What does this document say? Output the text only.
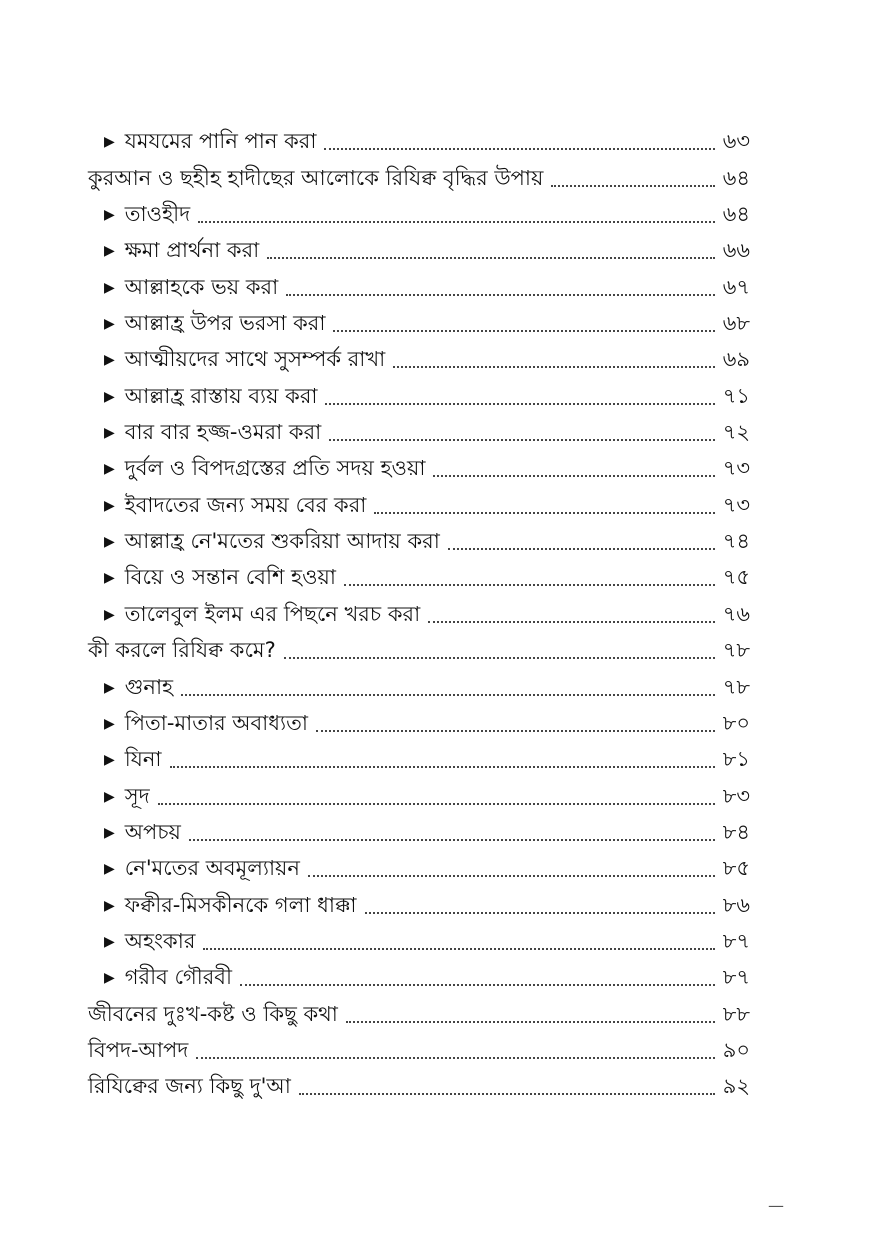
▶ যমযমের পানি পান করা	৬৩
কুরআন ও ছহীহ হাদীছের আলোকে রিযিক্ব বৃদ্ধির উপায়	৬৪
▶ তাওহীদ	৬৪
▶ ক্ষমা প্রার্থনা করা	৬৬
▶ আল্লাহকে ভয় করা	৬৭
▶ আল্লাহ্র উপর ভরসা করা	৬৮
▶ আত্মীয়দের সাথে সুসম্পর্ক রাখা	৬৯
▶ আল্লাহ্র রাস্তায় ব্যয় করা	৭১
▶ বার বার হজ্জ-ওমরা করা	৭২
▶ দুর্বল ও বিপদগ্রস্তের প্রতি সদয় হওয়া	৭৩
▶ ইবাদতের জন্য সময় বের করা	৭৩
▶ আল্লাহ্র নে'মতের শুকরিয়া আদায় করা	৭৪
▶ বিয়ে ও সন্তান বেশি হওয়া	৭৫
▶ তালেবুল ইলম এর পিছনে খরচ করা	৭৬
কী করলে রিযিক্ব কমে?	৭৮
▶ গুনাহ	৭৮
▶ পিতা-মাতার অবাধ্যতা	৮০
▶ যিনা	৮১
▶ সূদ	৮৩
▶ অপচয়	৮৪
▶ নে'মতের অবমূল্যায়ন	৮৫
▶ ফক্বীর-মিসকীনকে গলা ধাক্কা	৮৬
▶ অহংকার	৮৭
▶ গরীব গৌরবী	৮৭
জীবনের দুঃখ-কষ্ট ও কিছু কথা	৮৮
বিপদ-আপদ	৯০
রিযিক্বের জন্য কিছু দু'আ	৯২
—
